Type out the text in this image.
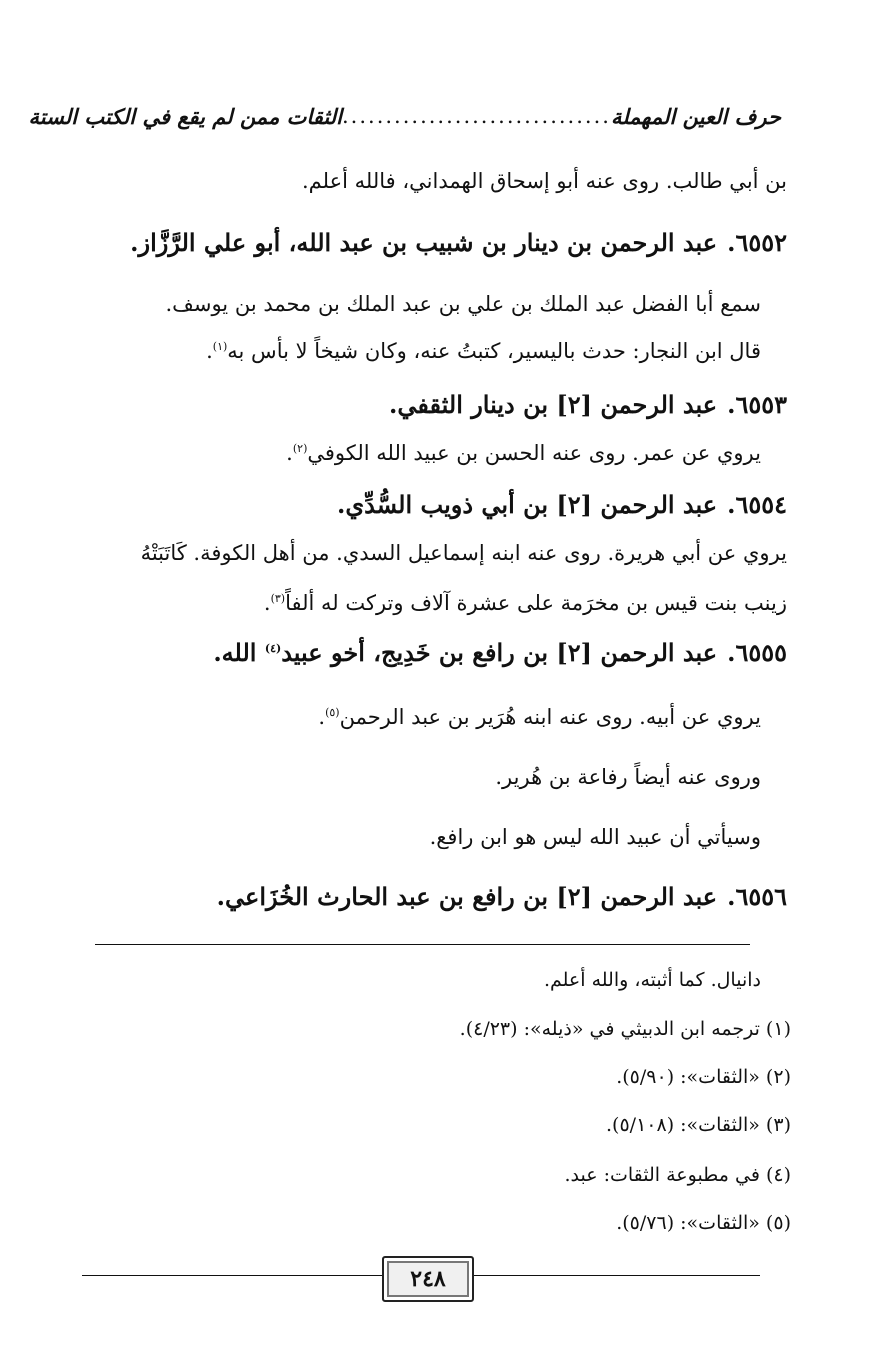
حرف العين المهملة
...............................
الثقات ممن لم يقع في الكتب الستة
بن أبي طالب. روى عنه أبو إسحاق الهمداني، فالله أعلم.
٦٥٥٢.عبد الرحمن بن دينار بن شبيب بن عبد الله، أبو علي الرَّزَّاز.
سمع أبا الفضل عبد الملك بن علي بن عبد الملك بن محمد بن يوسف.
قال ابن النجار: حدث باليسير، كتبتُ عنه، وكان شيخاً لا بأس به$^{(١)}$.
٦٥٥٣.عبد الرحمن [٢] بن دينار الثقفي.
يروي عن عمر. روى عنه الحسن بن عبيد الله الكوفي$^{(٢)}$.
٦٥٥٤.عبد الرحمن [٢] بن أبي ذويب السُّدِّي.
يروي عن أبي هريرة. روى عنه ابنه إسماعيل السدي. من أهل الكوفة. كَاتَبَتْهُ
زينب بنت قيس بن مخرَمة على عشرة آلاف وتركت له ألفاً$^{(٣)}$.
٦٥٥٥.عبد الرحمن [٢] بن رافع بن خَدِيج، أخو عبيد$^{(٤)}$ الله.
يروي عن أبيه. روى عنه ابنه هُرَير بن عبد الرحمن$^{(٥)}$.
وروى عنه أيضاً رفاعة بن هُرير.
وسيأتي أن عبيد الله ليس هو ابن رافع.
٦٥٥٦.عبد الرحمن [٢] بن رافع بن عبد الحارث الخُزَاعي.
دانيال. كما أثبته، والله أعلم.
(١) ترجمه ابن الدبيثي في «ذيله»: (٤/٢٣).
(٢) «الثقات»: (٥/٩٠).
(٣) «الثقات»: (٥/١٠٨).
(٤) في مطبوعة الثقات: عبد.
(٥) «الثقات»: (٥/٧٦).
٢٤٨
